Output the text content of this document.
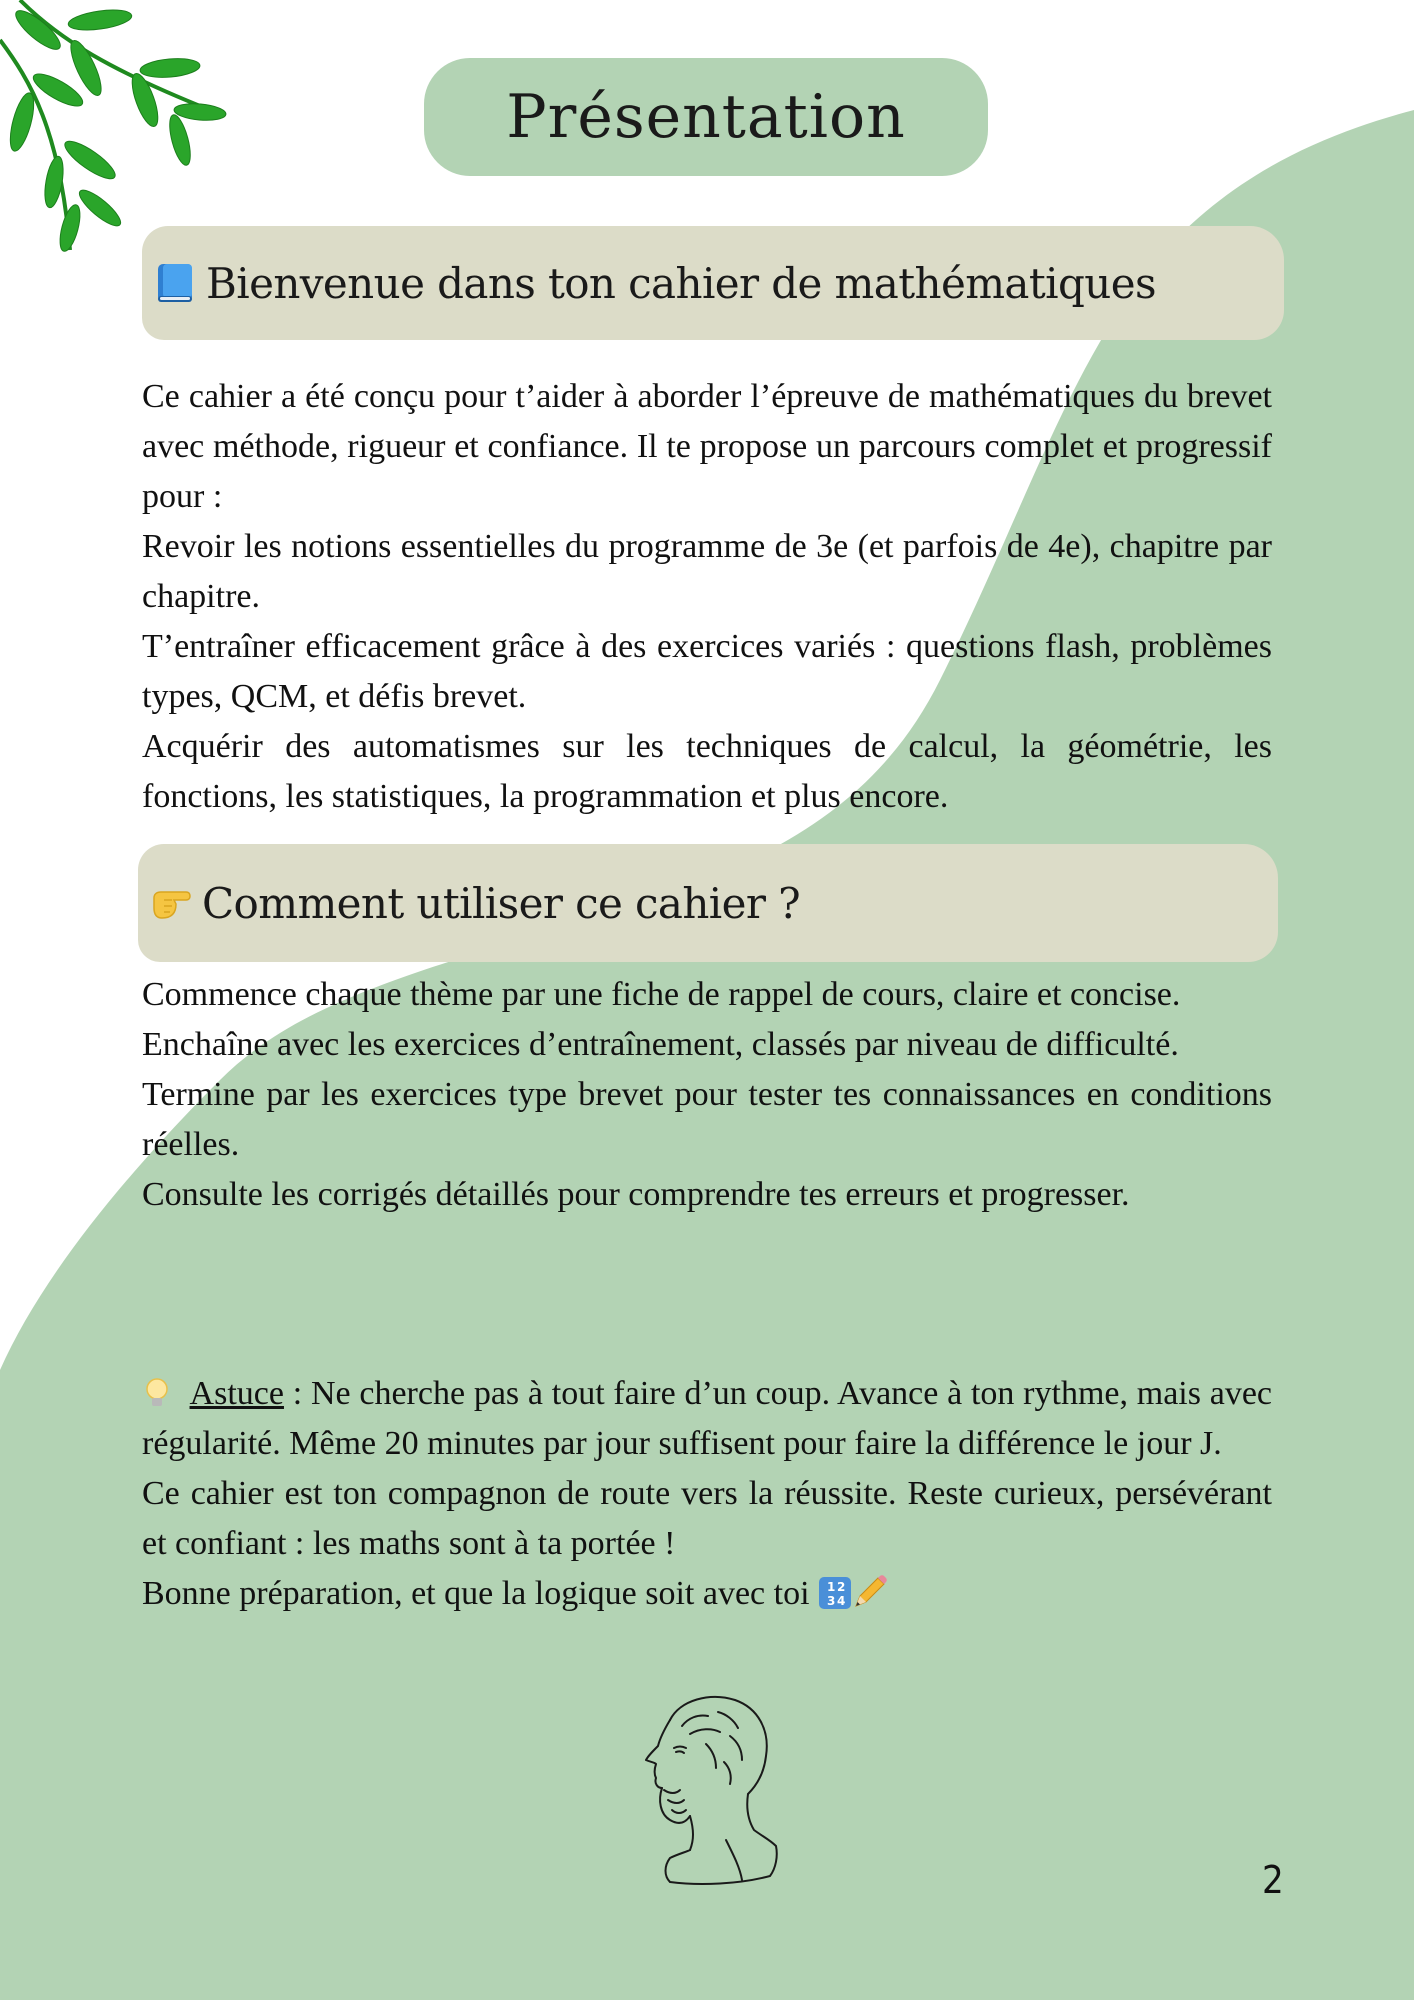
Présentation
Bienvenue dans ton cahier de mathématiques

Ce cahier a été conçu pour t’aider à aborder l’épreuve de mathématiques du brevet avec méthode, rigueur et confiance. Il te propose un parcours complet et progressif pour :

Revoir les notions essentielles du programme de 3e (et parfois de 4e), chapitre par chapitre.

T’entraîner efficacement grâce à des exercices variés : questions flash, problèmes types, QCM, et défis brevet.

Acquérir des automatismes sur les techniques de calcul, la géométrie, les fonctions, les statistiques, la programmation et plus encore.

Comment utiliser ce cahier ?

Commence chaque thème par une fiche de rappel de cours, claire et concise.

Enchaîne avec les exercices d’entraînement, classés par niveau de difficulté.

Termine par les exercices type brevet pour tester tes connaissances en conditions réelles.

Consulte les corrigés détaillés pour comprendre tes erreurs et progresser.

Astuce : Ne cherche pas à tout faire d’un coup. Avance à ton rythme, mais avec régularité. Même 20 minutes par jour suffisent pour faire la différence le jour J.

Ce cahier est ton compagnon de route vers la réussite. Reste curieux, persévérant et confiant : les maths sont à ta portée !

Bonne préparation, et que la logique soit avec toi 1 2
3 4

2
